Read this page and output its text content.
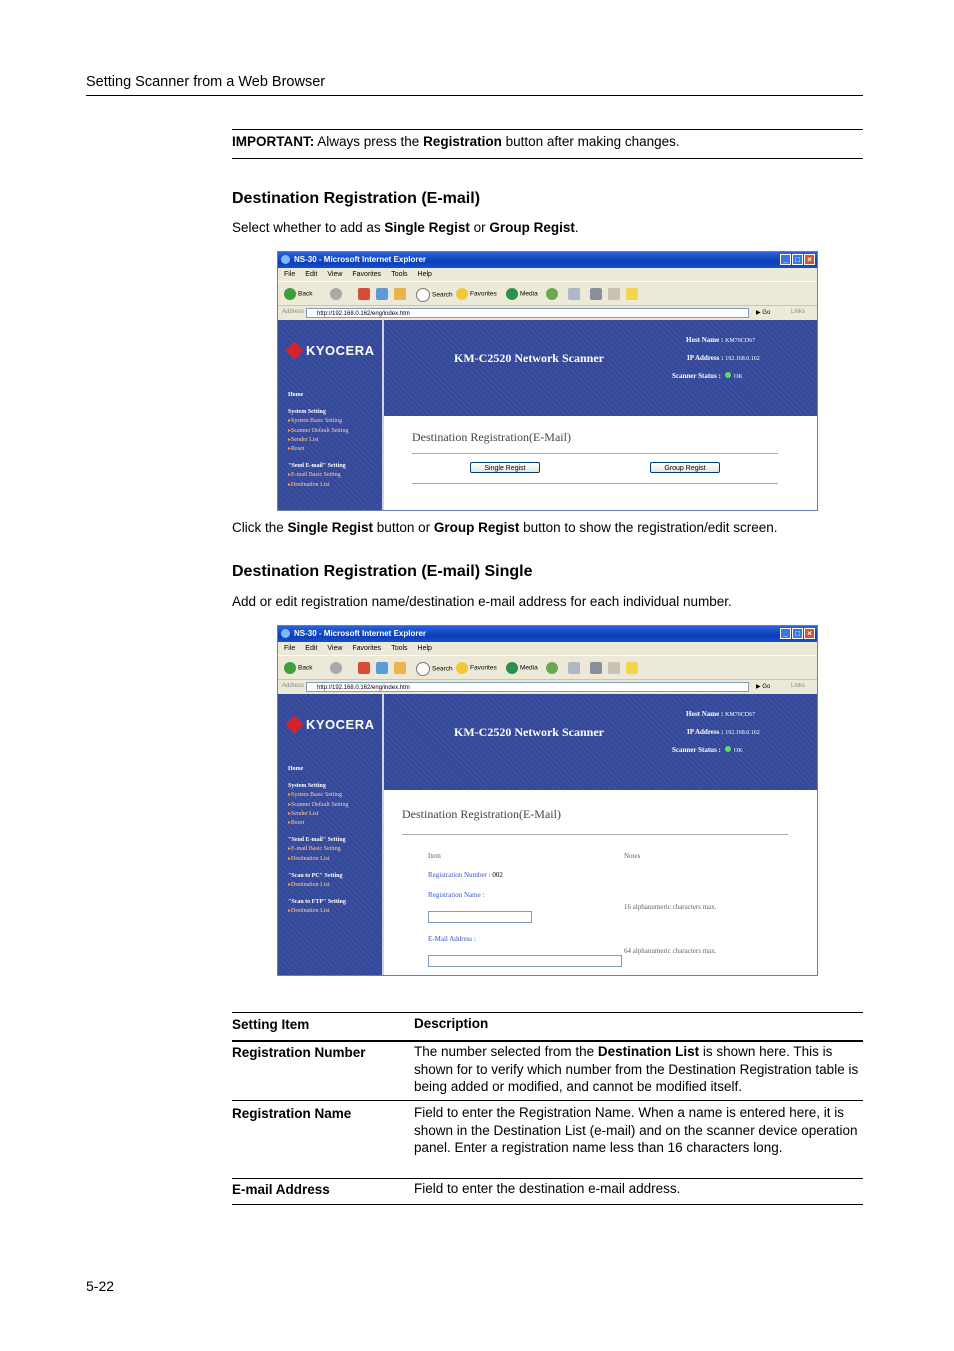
Setting Scanner from a Web Browser
IMPORTANT: Always press the Registration button after making changes.
Destination Registration (E-mail)
Select whether to add as Single Regist or Group Regist.
NS-30 - Microsoft Internet Explorer	_ □ ×
File Edit View Favorites Tools Help
Back	Search	Favorites	Media
Address	http://192.168.0.162/eng/index.htm	▶ Go	Links
KYOCERA
Home
System Setting
▸ System Basic Setting
▸ Scanner Default Setting
▸ Sender List
▸ Reset
"Send E-mail" Setting
▸ E-mail Basic Setting
▸ Destination List
KM-C2520 Network Scanner
Host Name : KM70CD67
IP Address : 192.168.0.162
Scanner Status : OK
Destination Registration(E-Mail)
Single Regist	Group Regist
Click the Single Regist button or Group Regist button to show the registration/edit screen.
Destination Registration (E-mail) Single
Add or edit registration name/destination e-mail address for each individual number.
NS-30 - Microsoft Internet Explorer	_ □ ×
File Edit View Favorites Tools Help
Back	Search	Favorites	Media
Address	http://192.168.0.162/eng/index.htm	▶ Go	Links
KYOCERA
Home
System Setting
▸ System Basic Setting
▸ Scanner Default Setting
▸ Sender List
▸ Reset
"Send E-mail" Setting
▸ E-mail Basic Setting
▸ Destination List
"Scan to PC" Setting
▸ Destination List
"Scan to FTP" Setting
▸ Destination List
KM-C2520 Network Scanner
Host Name : KM70CD67
IP Address : 192.168.0.162
Scanner Status : OK
Destination Registration(E-Mail)
Item	Notes
Registration Number : 002
Registration Name :
16 alphanumeric characters max.
E-Mail Address :
64 alphanumeric characters max.
Setting Item	Description
Registration Number	The number selected from the Destination List is shown here. This is shown for to verify which number from the Destination Registration table is being added or modified, and cannot be modified itself.
Registration Name	Field to enter the Registration Name. When a name is entered here, it is shown in the Destination List (e-mail) and on the scanner device operation panel. Enter a registration name less than 16 characters long.
E-mail Address	Field to enter the destination e-mail address.
5-22
